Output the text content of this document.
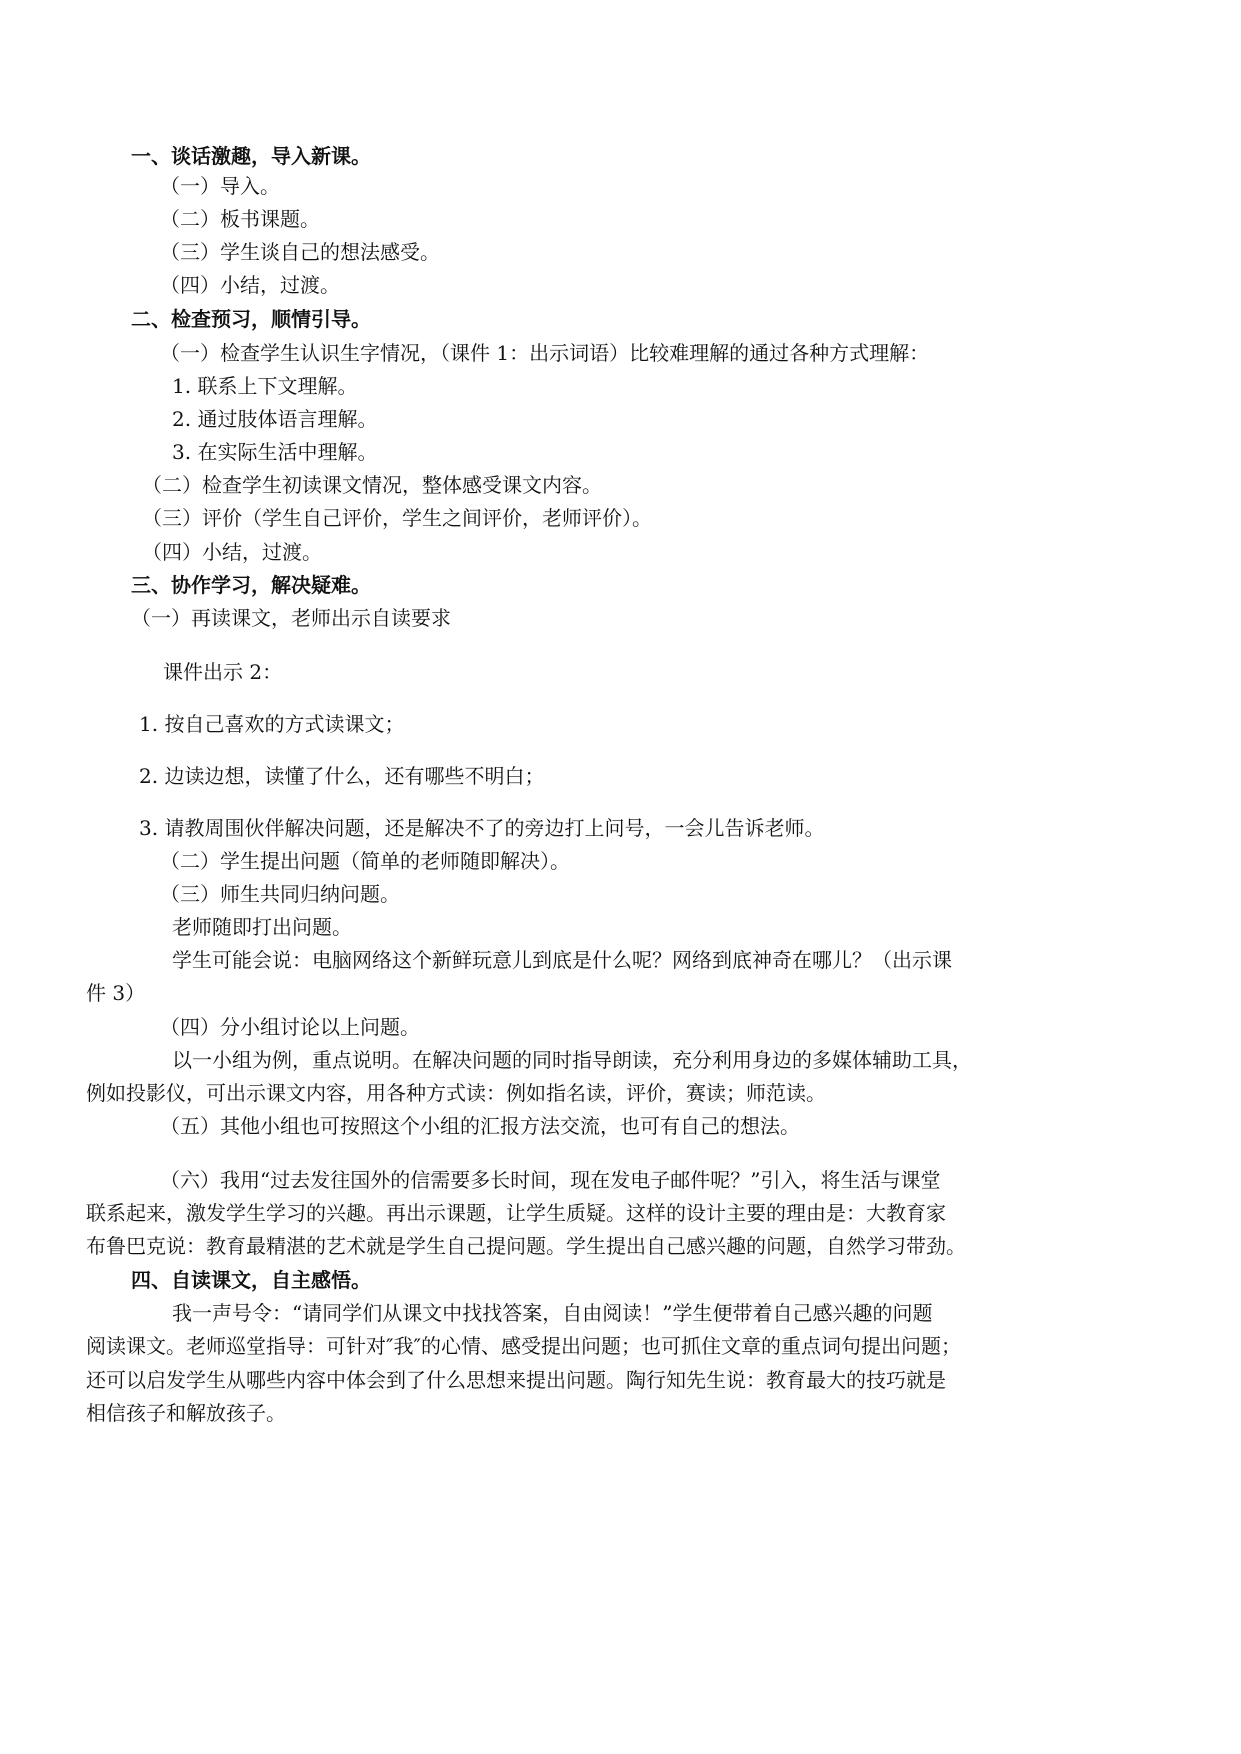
一、谈话激趣，导入新课。
（一）导入。
（二）板书课题。
（三）学生谈自己的想法感受。
（四）小结，过渡。
二、检查预习，顺情引导。
（一）检查学生认识生字情况，（课件 1：出示词语）比较难理解的通过各种方式理解：
1. 联系上下文理解。
2. 通过肢体语言理解。
3. 在实际生活中理解。
（二）检查学生初读课文情况，整体感受课文内容。
（三）评价（学生自己评价，学生之间评价，老师评价）。
（四）小结，过渡。
三、协作学习，解决疑难。
（一）再读课文，老师出示自读要求
课件出示 2：
1. 按自己喜欢的方式读课文；
2. 边读边想，读懂了什么，还有哪些不明白；
3. 请教周围伙伴解决问题，还是解决不了的旁边打上问号，一会儿告诉老师。
（二）学生提出问题（简单的老师随即解决）。
（三）师生共同归纳问题。
老师随即打出问题。
学生可能会说：电脑网络这个新鲜玩意儿到底是什么呢？网络到底神奇在哪儿？（出示课
件 3）
（四）分小组讨论以上问题。
以一小组为例，重点说明。在解决问题的同时指导朗读，充分利用身边的多媒体辅助工具，
例如投影仪，可出示课文内容，用各种方式读：例如指名读，评价，赛读；师范读。
（五）其他小组也可按照这个小组的汇报方法交流，也可有自己的想法。
（六）我用“过去发往国外的信需要多长时间，现在发电子邮件呢？”引入，将生活与课堂
联系起来，激发学生学习的兴趣。再出示课题，让学生质疑。这样的设计主要的理由是：大教育家
布鲁巴克说：教育最精湛的艺术就是学生自己提问题。学生提出自己感兴趣的问题，自然学习带劲。
四、自读课文，自主感悟。
我一声号令：“请同学们从课文中找找答案，自由阅读！”学生便带着自己感兴趣的问题
阅读课文。老师巡堂指导：可针对″我″的心情、感受提出问题；也可抓住文章的重点词句提出问题；
还可以启发学生从哪些内容中体会到了什么思想来提出问题。陶行知先生说：教育最大的技巧就是
相信孩子和解放孩子。
